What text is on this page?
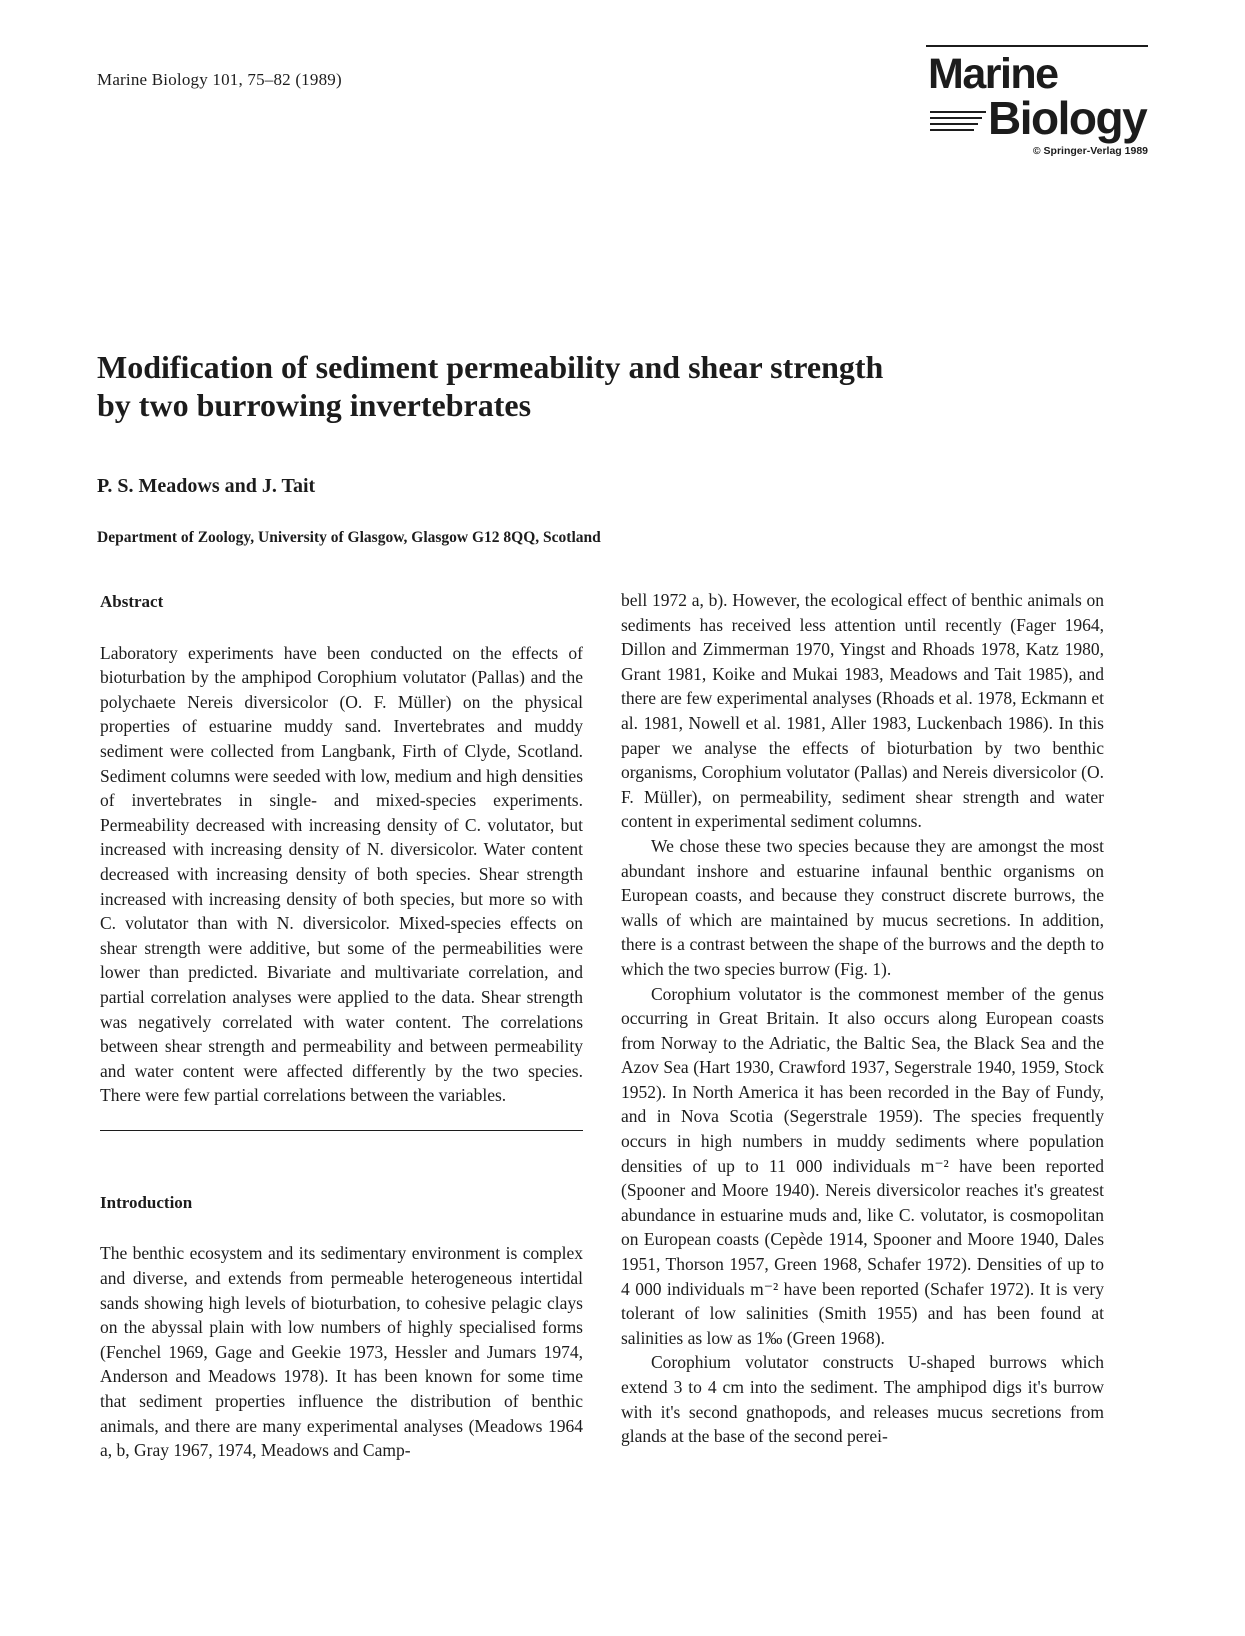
Marine Biology 101, 75–82 (1989)	Marine
Biology
© Springer-Verlag 1989
Modification of sediment permeability and shear strength
by two burrowing invertebrates
P. S. Meadows and J. Tait
Department of Zoology, University of Glasgow, Glasgow G12 8QQ, Scotland
Abstract

Laboratory experiments have been conducted on the effects of bioturbation by the amphipod Corophium volutator (Pallas) and the polychaete Nereis diversicolor (O. F. Müller) on the physical properties of estuarine muddy sand. Invertebrates and muddy sediment were collected from Langbank, Firth of Clyde, Scotland. Sediment columns were seeded with low, medium and high densities of invertebrates in single- and mixed-species experiments. Permeability decreased with increasing density of C. volutator, but increased with increasing density of N. diversicolor. Water content decreased with increasing density of both species. Shear strength increased with increasing density of both species, but more so with C. volutator than with N. diversicolor. Mixed-species effects on shear strength were additive, but some of the permeabilities were lower than predicted. Bivariate and multivariate correlation, and partial correlation analyses were applied to the data. Shear strength was negatively correlated with water content. The correlations between shear strength and permeability and between permeability and water content were affected differently by the two species. There were few partial correlations between the variables.

Introduction

The benthic ecosystem and its sedimentary environment is complex and diverse, and extends from permeable heterogeneous intertidal sands showing high levels of bioturbation, to cohesive pelagic clays on the abyssal plain with low numbers of highly specialised forms (Fenchel 1969, Gage and Geekie 1973, Hessler and Jumars 1974, Anderson and Meadows 1978). It has been known for some time that sediment properties influence the distribution of benthic animals, and there are many experimental analyses (Meadows 1964 a, b, Gray 1967, 1974, Meadows and Camp-

bell 1972 a, b). However, the ecological effect of benthic animals on sediments has received less attention until recently (Fager 1964, Dillon and Zimmerman 1970, Yingst and Rhoads 1978, Katz 1980, Grant 1981, Koike and Mukai 1983, Meadows and Tait 1985), and there are few experimental analyses (Rhoads et al. 1978, Eckmann et al. 1981, Nowell et al. 1981, Aller 1983, Luckenbach 1986). In this paper we analyse the effects of bioturbation by two benthic organisms, Corophium volutator (Pallas) and Nereis diversicolor (O. F. Müller), on permeability, sediment shear strength and water content in experimental sediment columns.

We chose these two species because they are amongst the most abundant inshore and estuarine infaunal benthic organisms on European coasts, and because they construct discrete burrows, the walls of which are maintained by mucus secretions. In addition, there is a contrast between the shape of the burrows and the depth to which the two species burrow (Fig. 1).

Corophium volutator is the commonest member of the genus occurring in Great Britain. It also occurs along European coasts from Norway to the Adriatic, the Baltic Sea, the Black Sea and the Azov Sea (Hart 1930, Crawford 1937, Segerstrale 1940, 1959, Stock 1952). In North America it has been recorded in the Bay of Fundy, and in Nova Scotia (Segerstrale 1959). The species frequently occurs in high numbers in muddy sediments where population densities of up to 11 000 individuals m⁻² have been reported (Spooner and Moore 1940). Nereis diversicolor reaches it's greatest abundance in estuarine muds and, like C. volutator, is cosmopolitan on European coasts (Cepède 1914, Spooner and Moore 1940, Dales 1951, Thorson 1957, Green 1968, Schafer 1972). Densities of up to 4 000 individuals m⁻² have been reported (Schafer 1972). It is very tolerant of low salinities (Smith 1955) and has been found at salinities as low as 1‰ (Green 1968).

Corophium volutator constructs U-shaped burrows which extend 3 to 4 cm into the sediment. The amphipod digs it's burrow with it's second gnathopods, and releases mucus secretions from glands at the base of the second perei-
